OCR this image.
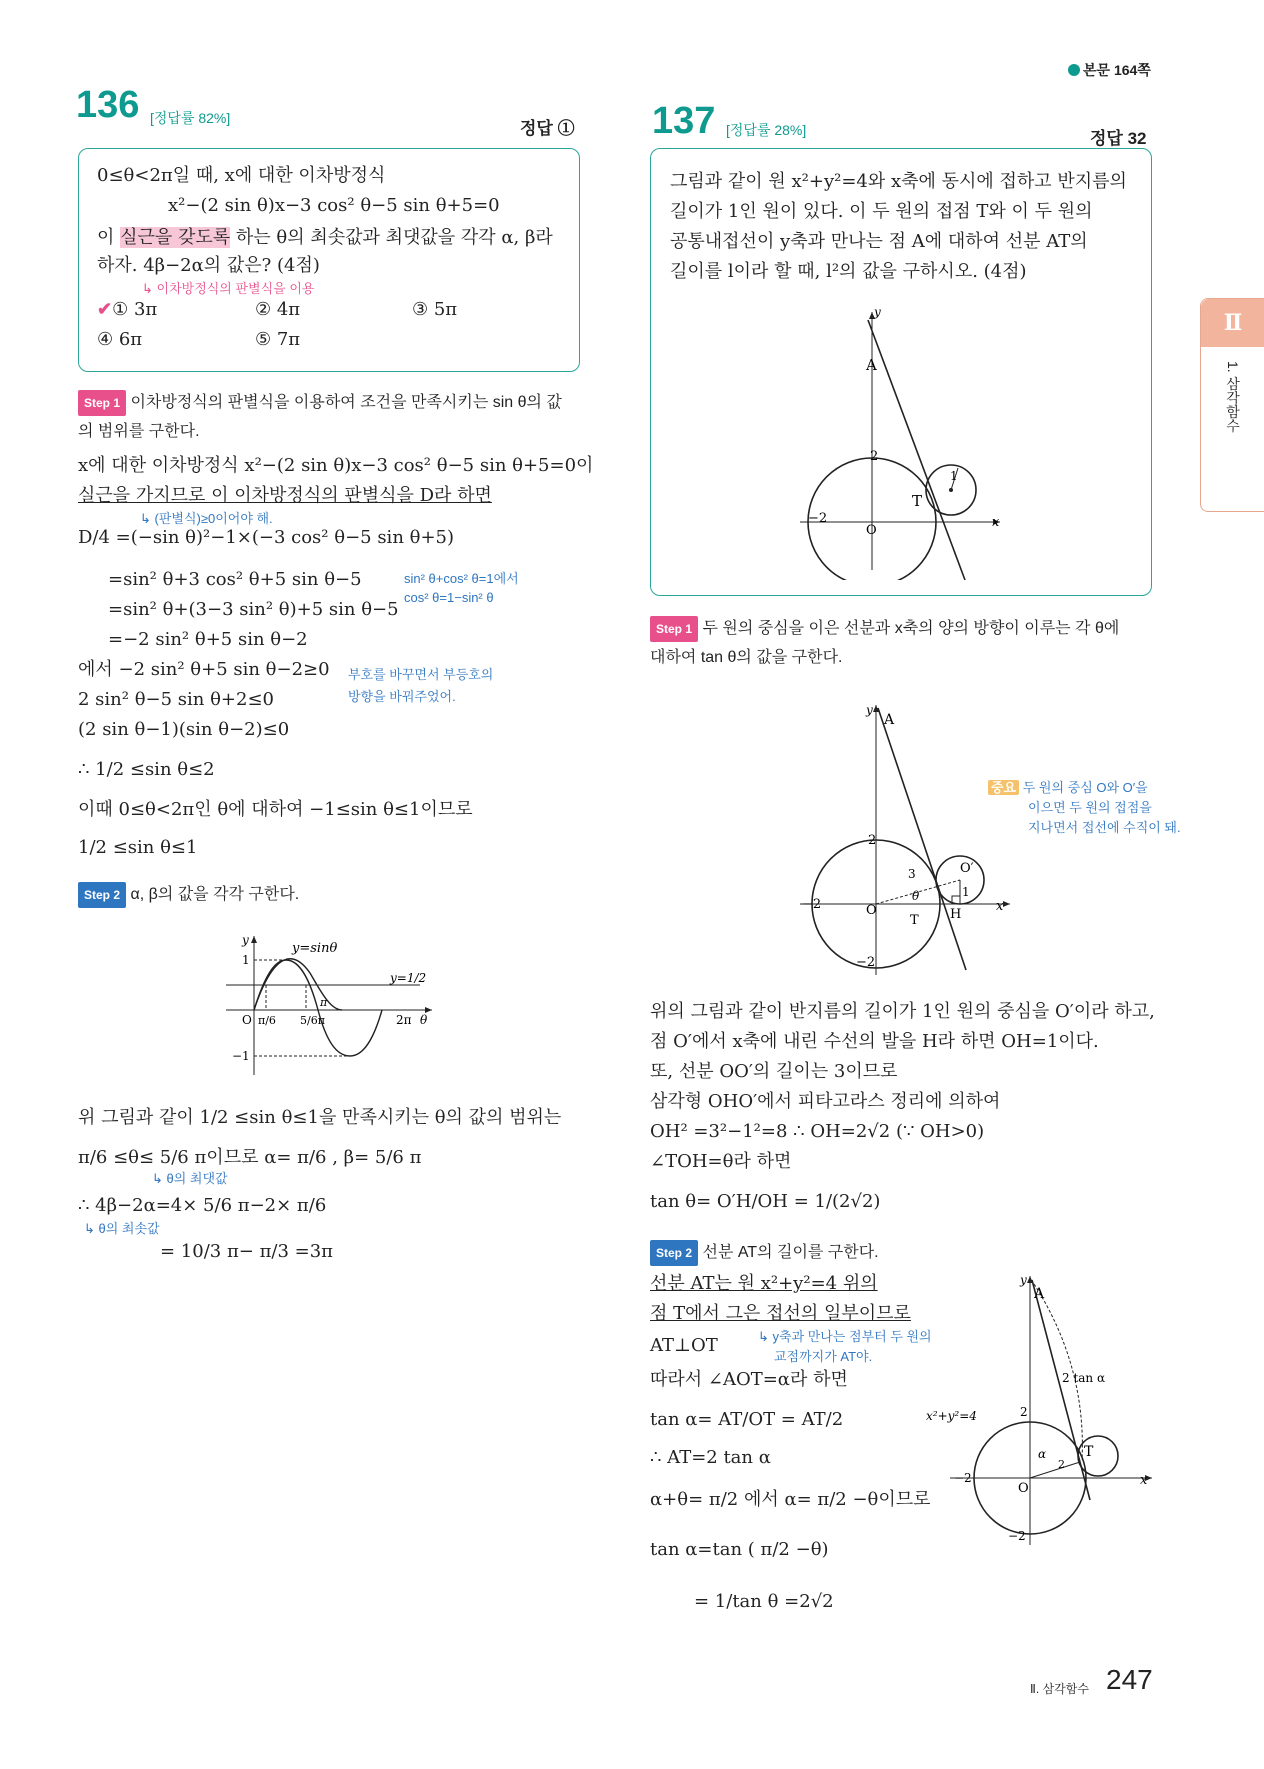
본문 164쪽
136 [정답률 82%]
정답 ①
0≤θ<2π일 때, x에 대한 이차방정식
x²−(2 sin θ)x−3 cos² θ−5 sin θ+5=0
이 실근을 갖도록 하는 θ의 최솟값과 최댓값을 각각 α, β라
하자. 4β−2α의 값은? (4점)
↳ 이차방정식의 판별식을 이용
✔① 3π	② 4π	③ 5π
④ 6π	⑤ 7π
Step 1 이차방정식의 판별식을 이용하여 조건을 만족시키는 sin θ의 값
의 범위를 구한다.
x에 대한 이차방정식 x²−(2 sin θ)x−3 cos² θ−5 sin θ+5=0이
실근을 가지므로 이 이차방정식의 판별식을 D라 하면
↳ (판별식)≥0이어야 해.
D/4 =(−sin θ)²−1×(−3 cos² θ−5 sin θ+5)
=sin² θ+3 cos² θ+5 sin θ−5	sin² θ+cos² θ=1에서
cos² θ=1−sin² θ
=sin² θ+(3−3 sin² θ)+5 sin θ−5
=−2 sin² θ+5 sin θ−2
에서 −2 sin² θ+5 sin θ−2≥0 부호를 바꾸면서 부등호의
방향을 바꿔주었어.
2 sin² θ−5 sin θ+2≤0
(2 sin θ−1)(sin θ−2)≤0
∴ 1/2 ≤sin θ≤2
이때 0≤θ<2π인 θ에 대하여 −1≤sin θ≤1이므로
1/2 ≤sin θ≤1
Step 2 α, β의 값을 각각 구한다.
y
y=sinθ
y=1/2
1
−1
O π/6 5/6π
π
2π θ
위 그림과 같이 1/2 ≤sin θ≤1을 만족시키는 θ의 값의 범위는
π/6 ≤θ≤ 5/6 π이므로 α= π/6 , β= 5/6 π
↳ θ의 최댓값
∴ 4β−2α=4× 5/6 π−2× π/6
↳ θ의 최솟값
= 10/3 π− π/3 =3π
137 [정답률 28%]	정답 32
그림과 같이 원 x²+y²=4와 x축에 동시에 접하고 반지름의
길이가 1인 원이 있다. 이 두 원의 접점 T와 이 두 원의
공통내접선이 y축과 만나는 점 A에 대하여 선분 AT의
길이를 l이라 할 때, l²의 값을 구하시오. (4점)
y
A
2
T
1
O
−2	x
Step 1 두 원의 중심을 이은 선분과 x축의 양의 방향이 이루는 각 θ에
대하여 tan θ의 값을 구한다.
y
A
2
O
O′
3
θ	1
T H
−2
−2
x
중요 두 원의 중심 O와 O′을
이으면 두 원의 접점을
지나면서 접선에 수직이 돼.
위의 그림과 같이 반지름의 길이가 1인 원의 중심을 O′이라 하고,
점 O′에서 x축에 내린 수선의 발을 H라 하면 OH=1이다.
또, 선분 OO′의 길이는 3이므로
삼각형 OHO′에서 피타고라스 정리에 의하여
OH² =3²−1²=8 ∴ OH=2√2 (∵ OH>0)
∠TOH=θ라 하면
tan θ= O′H/OH = 1/(2√2)
Step 2 선분 AT의 길이를 구한다.
선분 AT는 원 x²+y²=4 위의
점 T에서 그은 접선의 일부이므로
↳ y축과 만나는 점부터 두 원의
교점까지가 AT야.
AT⊥OT
따라서 ∠AOT=α라 하면
tan α= AT/OT = AT/2
∴ AT=2 tan α
α+θ= π/2 에서 α= π/2 −θ이므로
tan α=tan ( π/2 −θ)
= 1/tan θ =2√2
y
A
2 tan α
x²+y²=4	2
α	T
2
−2
O
x
−2
Ⅱ
1. 삼각함수
Ⅱ. 삼각함수 247
